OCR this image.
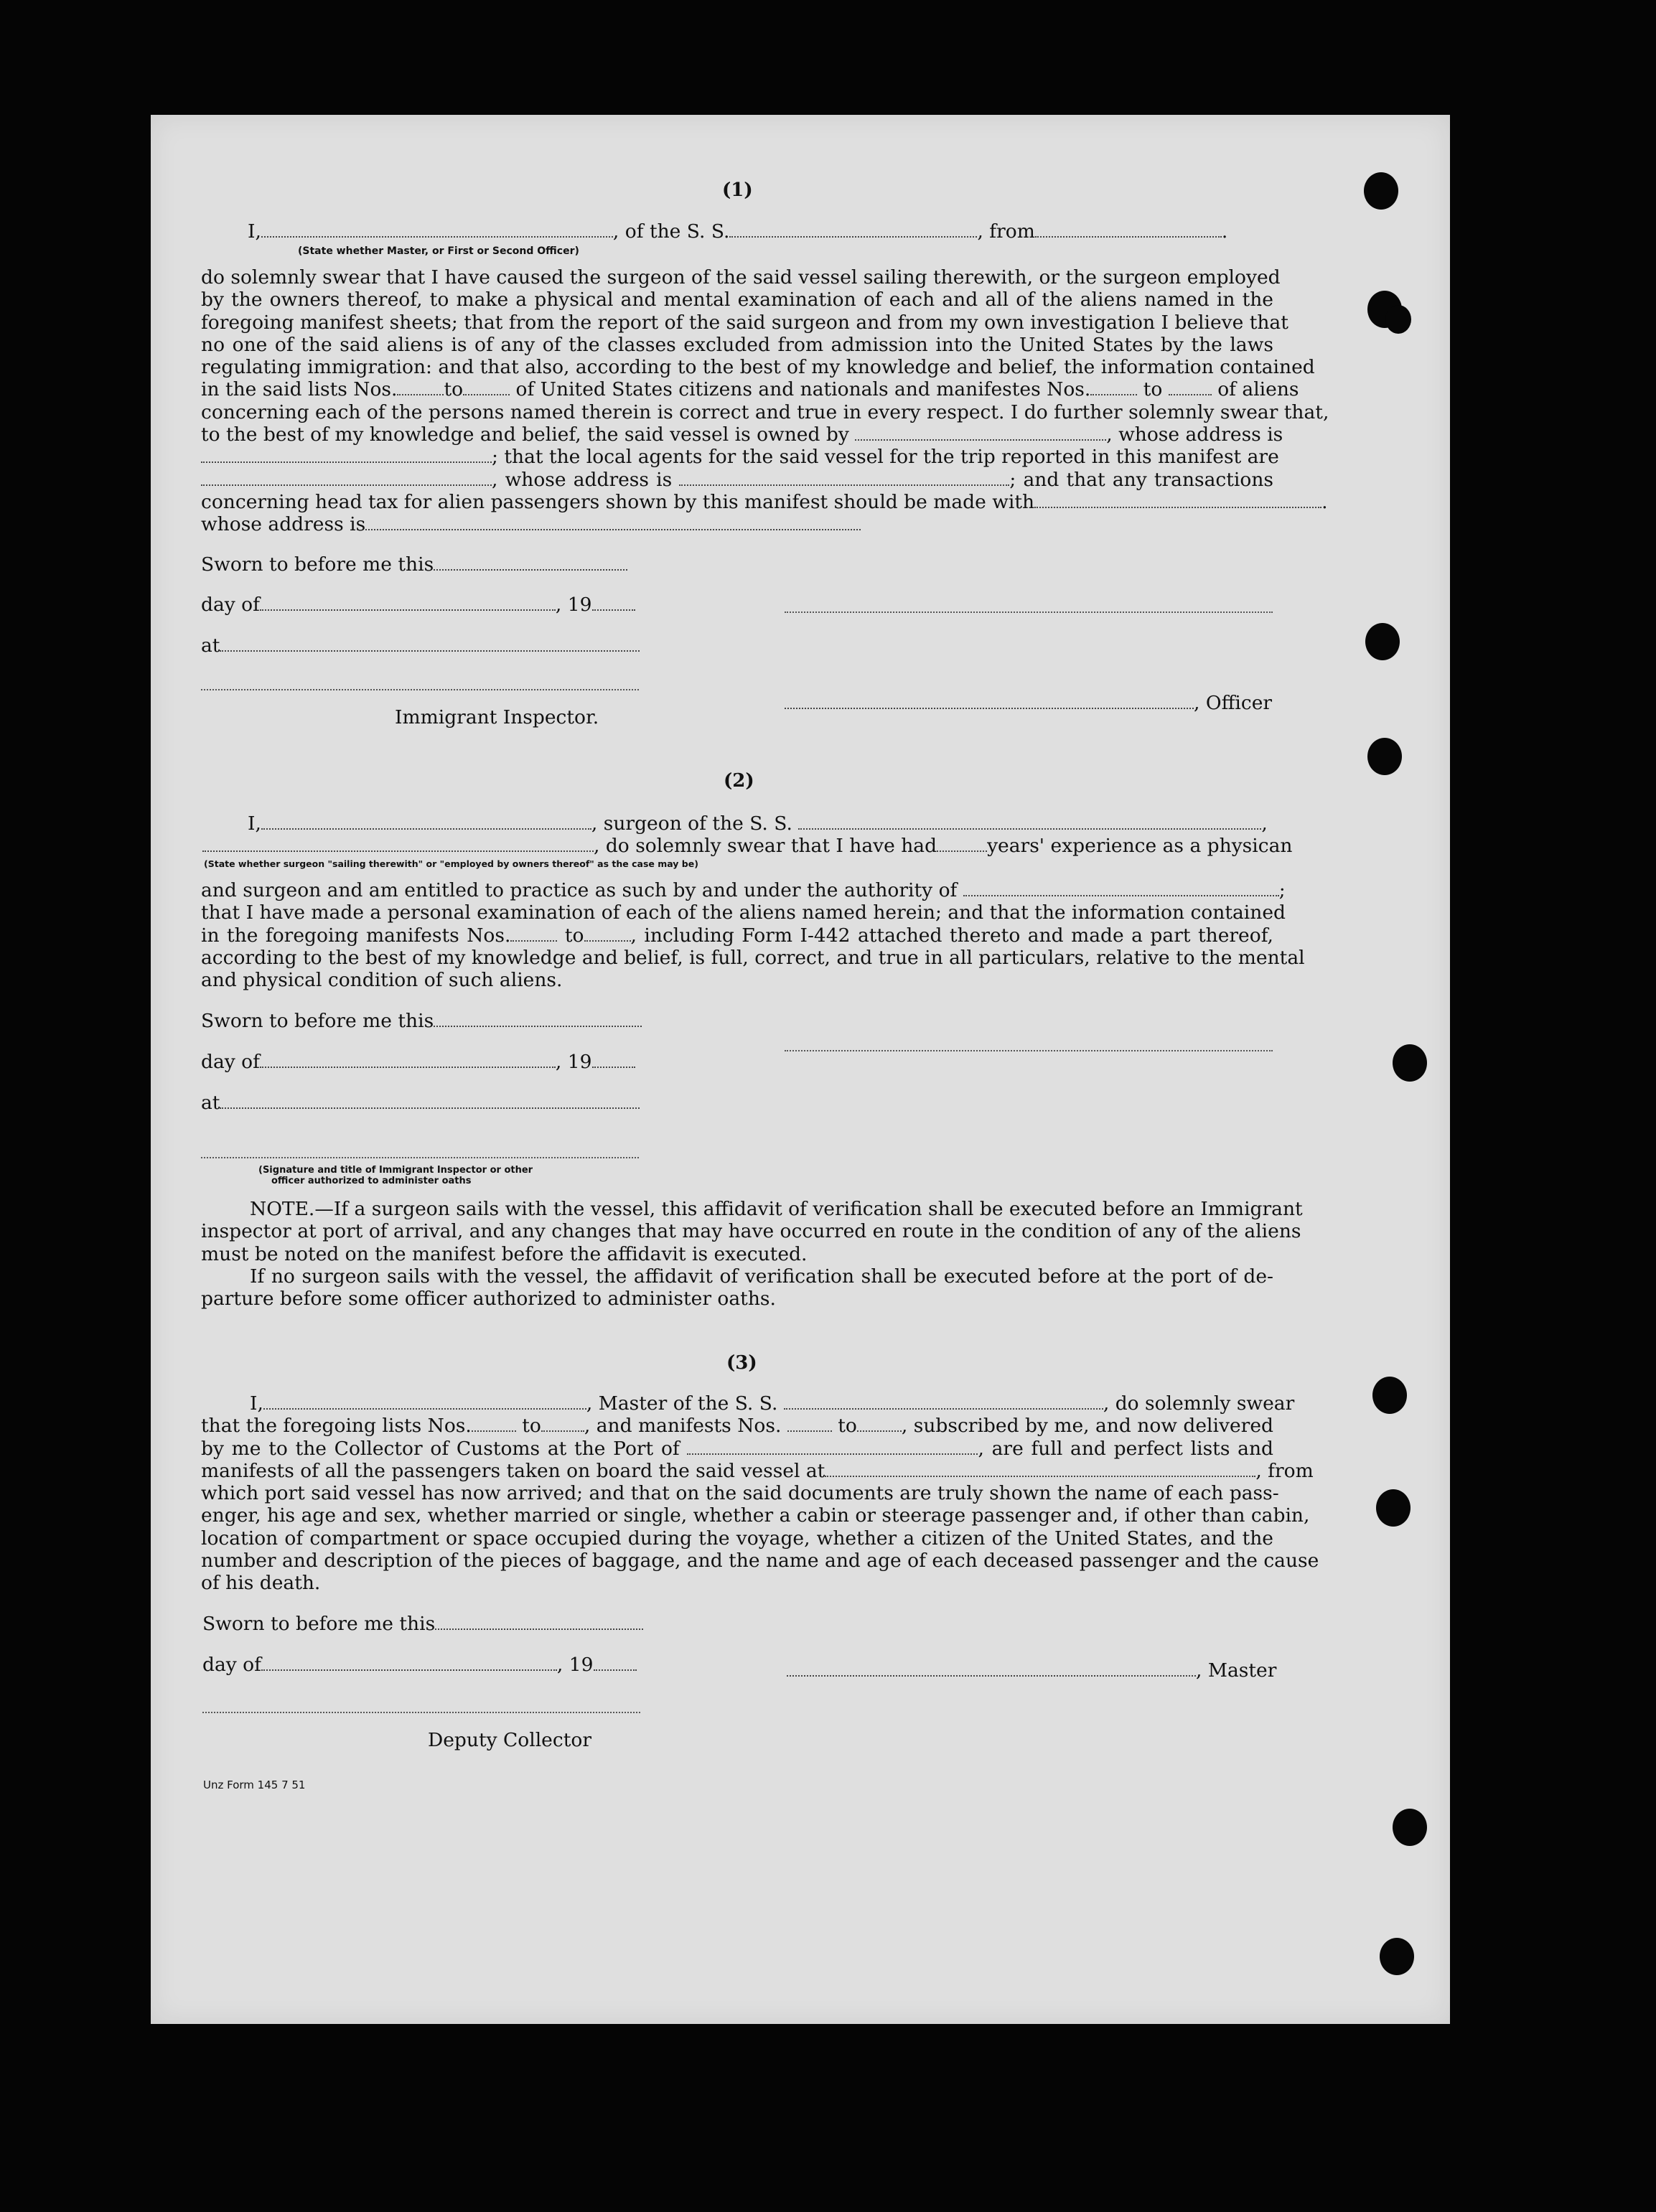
(1)
I,	, of the S. S.	, from	.
(State whether Master, or First or Second Officer)
do solemnly swear that I have caused the surgeon of the said vessel sailing therewith, or the surgeon employed
by the owners thereof, to make a physical and mental examination of each and all of the aliens named in the
foregoing manifest sheets; that from the report of the said surgeon and from my own investigation I believe that
no one of the said aliens is of any of the classes excluded from admission into the United States by the laws
regulating immigration: and that also, according to the best of my knowledge and belief, the information contained
in the said lists Nos. to	of United States citizens and nationals and manifestes Nos.	to	of aliens
concerning each of the persons named therein is correct and true in every respect. I do further solemnly swear that,
to the best of my knowledge and belief, the said vessel is owned by	, whose address is
; that the local agents for the said vessel for the trip reported in this manifest are
, whose address is	; and that any transactions
concerning head tax for alien passengers shown by this manifest should be made with
whose address is
Sworn to before me this
day of	, 19
at
, Officer
Immigrant Inspector.
(2)
I,	, surgeon of the S. S.	,
, do solemnly swear that I have had	years' experience as a physican
(State whether surgeon "sailing therewith" or "employed by owners thereof" as the case may be)
and surgeon and am entitled to practice as such by and under the authority of
that I have made a personal examination of each of the aliens named herein; and that the information contained
in the foregoing manifests Nos.	to , including Form I-442 attached thereto and made a part thereof,
according to the best of my knowledge and belief, is full, correct, and true in all particulars, relative to the mental
and physical condition of such aliens.
Sworn to before me this
day of	, 19
at
(Signature and title of Immigrant Inspector or other
officer authorized to administer oaths
NOTE.—If a surgeon sails with the vessel, this affidavit of verification shall be executed before an Immigrant
inspector at port of arrival, and any changes that may have occurred en route in the condition of any of the aliens
must be noted on the manifest before the affidavit is executed.
If no surgeon sails with the vessel, the affidavit of verification shall be executed before at the port of de-
parture before some officer authorized to administer oaths.
(3)
I,	, Master of the S. S.	, do solemnly swear
that the foregoing lists Nos.	to , and manifests Nos.	to , subscribed by me, and now delivered
by me to the Collector of Customs at the Port of	, are full and perfect lists and
manifests of all the passengers taken on board the said vessel at	, from
which port said vessel has now arrived; and that on the said documents are truly shown the name of each pass-
enger, his age and sex, whether married or single, whether a cabin or steerage passenger and, if other than cabin,
location of compartment or space occupied during the voyage, whether a citizen of the United States, and the
number and description of the pieces of baggage, and the name and age of each deceased passenger and the cause
of his death.
Sworn to before me this
day of	, 19	, Master
Deputy Collector
Unz Form 145 7 51
